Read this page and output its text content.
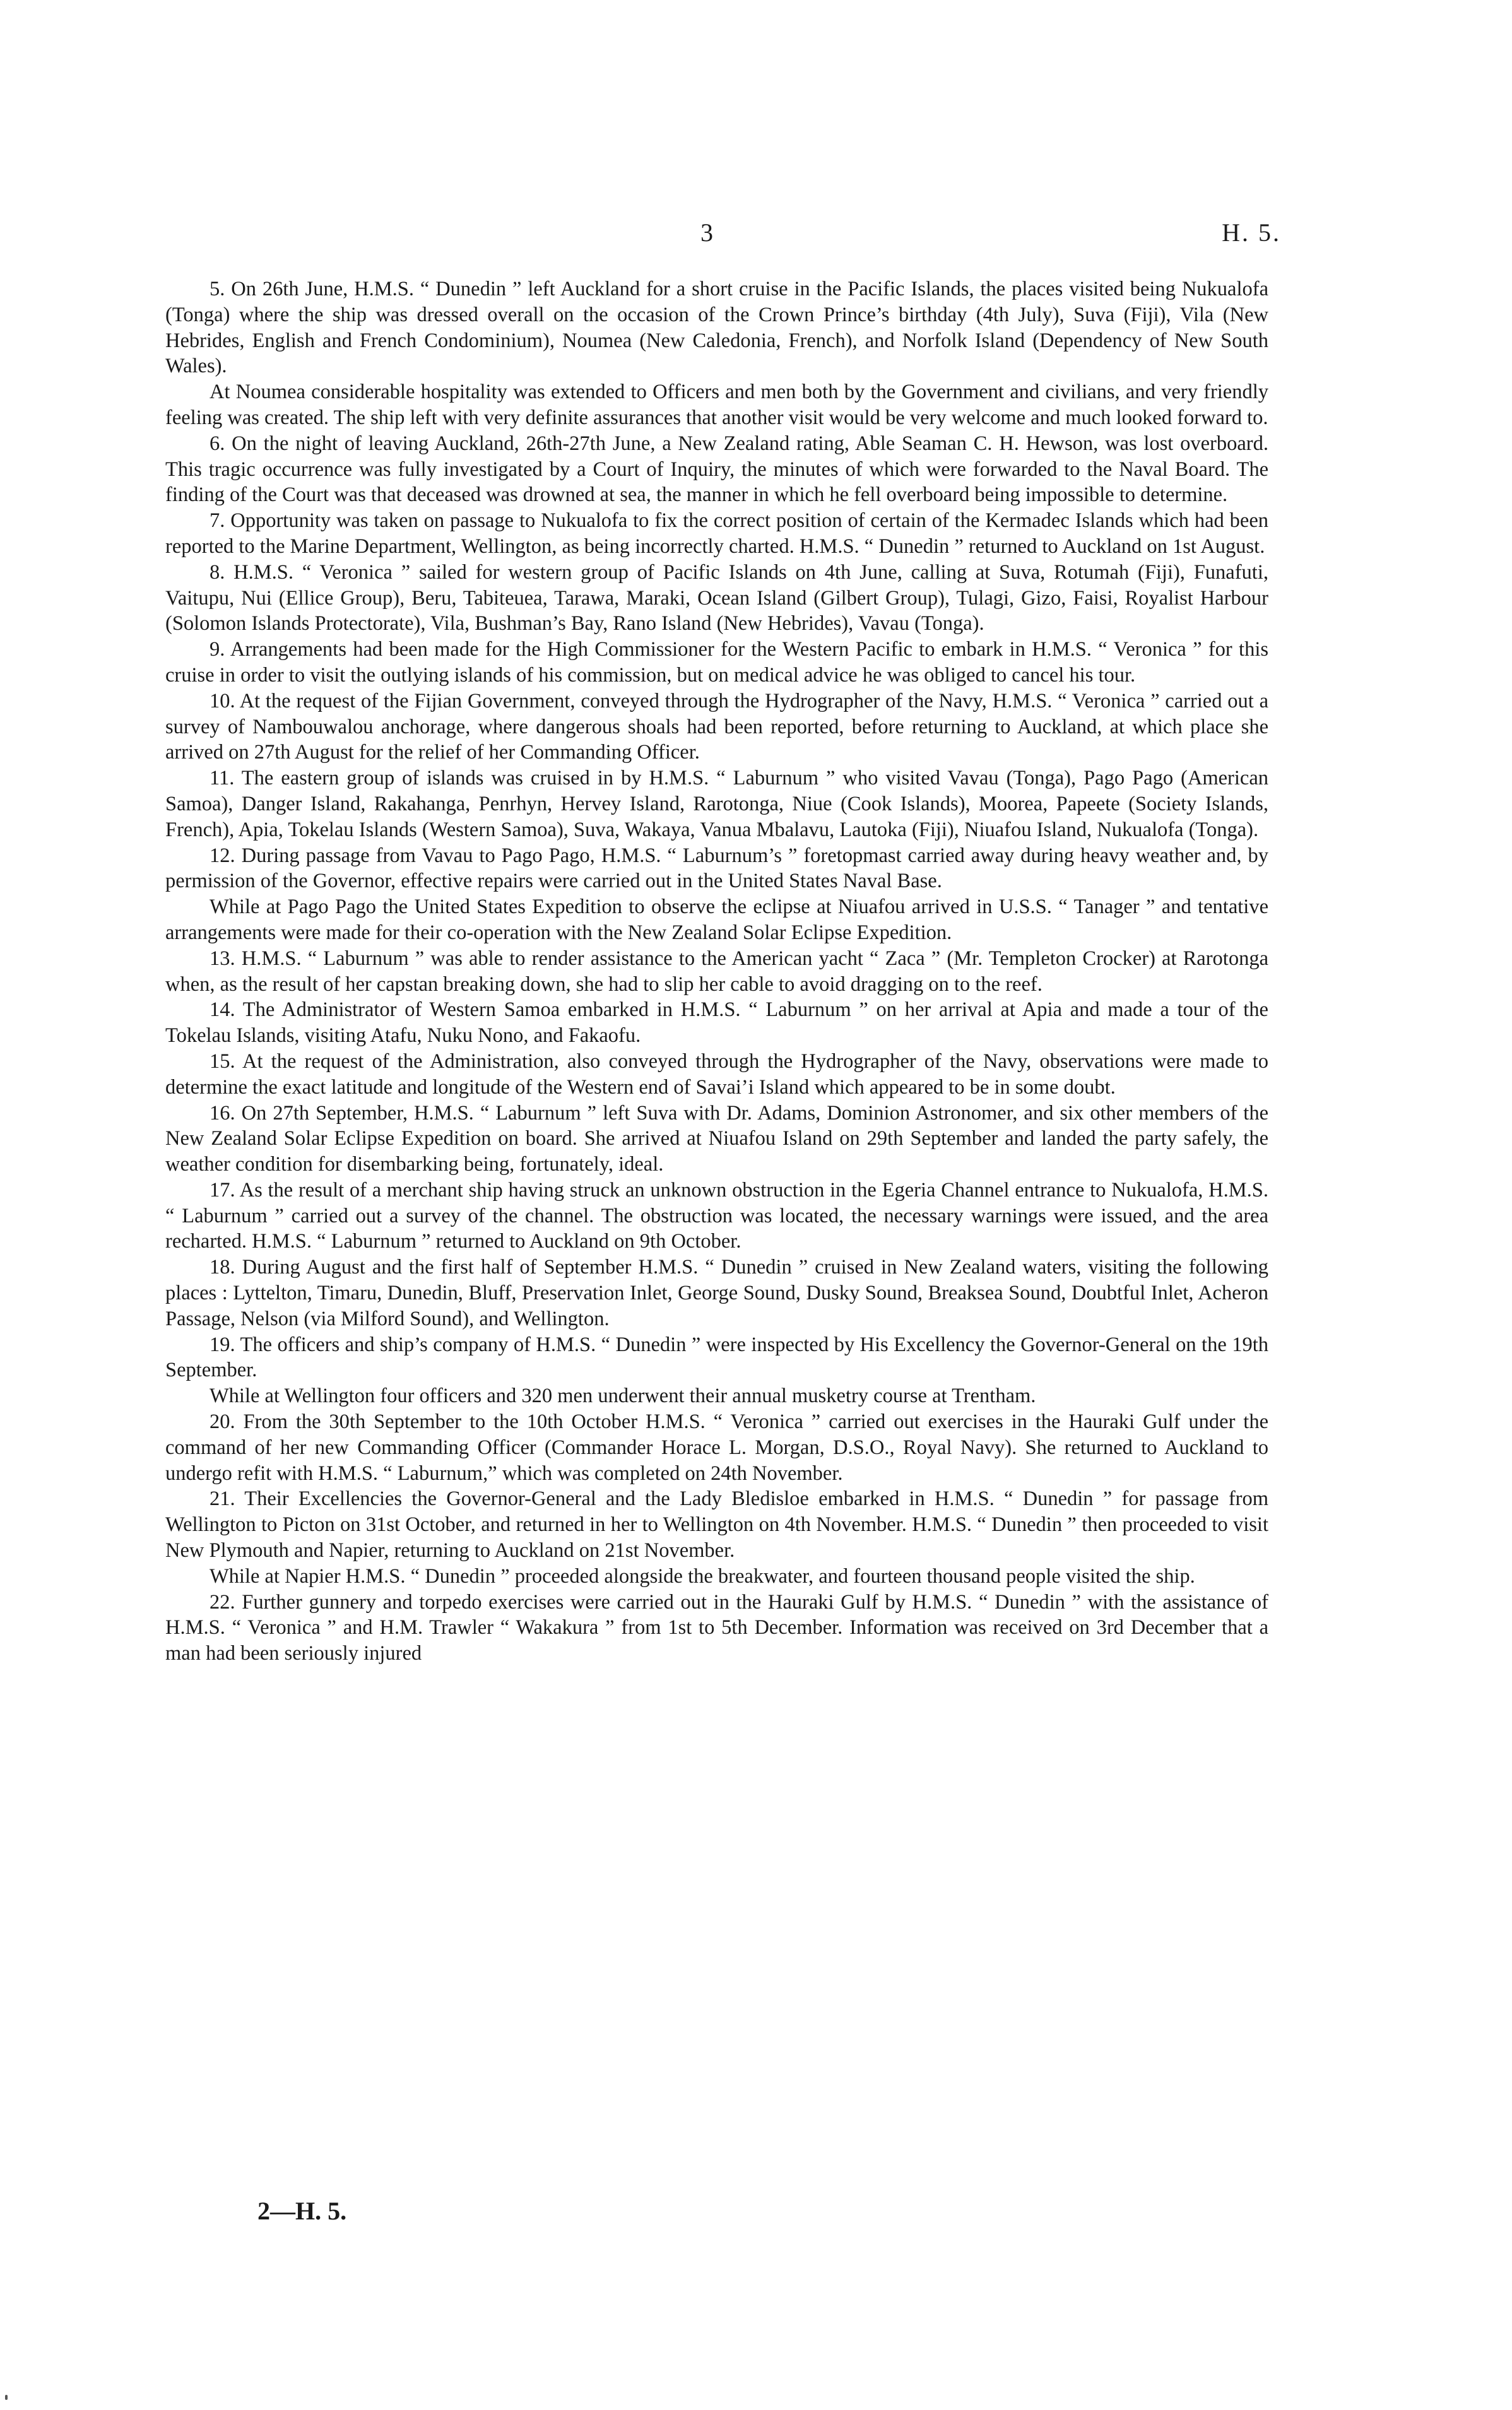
3	H. 5.

5. On 26th June, H.M.S. “ Dunedin ” left Auckland for a short cruise in the Pacific Islands, the places visited being Nukualofa (Tonga) where the ship was dressed overall on the occasion of the Crown Prince’s birthday (4th July), Suva (Fiji), Vila (New Hebrides, English and French Condominium), Noumea (New Caledonia, French), and Norfolk Island (Dependency of New South Wales).

At Noumea considerable hospitality was extended to Officers and men both by the Government and civilians, and very friendly feeling was created. The ship left with very definite assurances that another visit would be very welcome and much looked forward to.

6. On the night of leaving Auckland, 26th-27th June, a New Zealand rating, Able Seaman C. H. Hewson, was lost overboard. This tragic occurrence was fully investigated by a Court of Inquiry, the minutes of which were forwarded to the Naval Board. The finding of the Court was that deceased was drowned at sea, the manner in which he fell overboard being impossible to determine.

7. Opportunity was taken on passage to Nukualofa to fix the correct position of certain of the Kermadec Islands which had been reported to the Marine Department, Wellington, as being incorrectly charted. H.M.S. “ Dunedin ” returned to Auckland on 1st August.

8. H.M.S. “ Veronica ” sailed for western group of Pacific Islands on 4th June, calling at Suva, Rotumah (Fiji), Funafuti, Vaitupu, Nui (Ellice Group), Beru, Tabiteuea, Tarawa, Maraki, Ocean Island (Gilbert Group), Tulagi, Gizo, Faisi, Royalist Harbour (Solomon Islands Protectorate), Vila, Bushman’s Bay, Rano Island (New Hebrides), Vavau (Tonga).

9. Arrangements had been made for the High Commissioner for the Western Pacific to embark in H.M.S. “ Veronica ” for this cruise in order to visit the outlying islands of his commission, but on medical advice he was obliged to cancel his tour.

10. At the request of the Fijian Government, conveyed through the Hydrographer of the Navy, H.M.S. “ Veronica ” carried out a survey of Nambouwalou anchorage, where dangerous shoals had been reported, before returning to Auckland, at which place she arrived on 27th August for the relief of her Commanding Officer.

11. The eastern group of islands was cruised in by H.M.S. “ Laburnum ” who visited Vavau (Tonga), Pago Pago (American Samoa), Danger Island, Rakahanga, Penrhyn, Hervey Island, Rarotonga, Niue (Cook Islands), Moorea, Papeete (Society Islands, French), Apia, Tokelau Islands (Western Samoa), Suva, Wakaya, Vanua Mbalavu, Lautoka (Fiji), Niuafou Island, Nukualofa (Tonga).

12. During passage from Vavau to Pago Pago, H.M.S. “ Laburnum’s ” foretopmast carried away during heavy weather and, by permission of the Governor, effective repairs were carried out in the United States Naval Base.

While at Pago Pago the United States Expedition to observe the eclipse at Niuafou arrived in U.S.S. “ Tanager ” and tentative arrangements were made for their co-operation with the New Zealand Solar Eclipse Expedition.

13. H.M.S. “ Laburnum ” was able to render assistance to the American yacht “ Zaca ” (Mr. Templeton Crocker) at Rarotonga when, as the result of her capstan breaking down, she had to slip her cable to avoid dragging on to the reef.

14. The Administrator of Western Samoa embarked in H.M.S. “ Laburnum ” on her arrival at Apia and made a tour of the Tokelau Islands, visiting Atafu, Nuku Nono, and Fakaofu.

15. At the request of the Administration, also conveyed through the Hydrographer of the Navy, observations were made to determine the exact latitude and longitude of the Western end of Savai’i Island which appeared to be in some doubt.

16. On 27th September, H.M.S. “ Laburnum ” left Suva with Dr. Adams, Dominion Astronomer, and six other members of the New Zealand Solar Eclipse Expedition on board. She arrived at Niuafou Island on 29th September and landed the party safely, the weather condition for disembarking being, fortunately, ideal.

17. As the result of a merchant ship having struck an unknown obstruction in the Egeria Channel entrance to Nukualofa, H.M.S. “ Laburnum ” carried out a survey of the channel. The obstruction was located, the necessary warnings were issued, and the area recharted. H.M.S. “ Laburnum ” returned to Auckland on 9th October.

18. During August and the first half of September H.M.S. “ Dunedin ” cruised in New Zealand waters, visiting the following places : Lyttelton, Timaru, Dunedin, Bluff, Preservation Inlet, George Sound, Dusky Sound, Breaksea Sound, Doubtful Inlet, Acheron Passage, Nelson (via Milford Sound), and Wellington.

19. The officers and ship’s company of H.M.S. “ Dunedin ” were inspected by His Excellency the Governor-General on the 19th September.

While at Wellington four officers and 320 men underwent their annual musketry course at Trentham.

20. From the 30th September to the 10th October H.M.S. “ Veronica ” carried out exercises in the Hauraki Gulf under the command of her new Commanding Officer (Commander Horace L. Morgan, D.S.O., Royal Navy). She returned to Auckland to undergo refit with H.M.S. “ Laburnum,” which was completed on 24th November.

21. Their Excellencies the Governor-General and the Lady Bledisloe embarked in H.M.S. “ Dunedin ” for passage from Wellington to Picton on 31st October, and returned in her to Wellington on 4th November. H.M.S. “ Dunedin ” then proceeded to visit New Plymouth and Napier, returning to Auckland on 21st November.

While at Napier H.M.S. “ Dunedin ” proceeded alongside the breakwater, and fourteen thousand people visited the ship.

22. Further gunnery and torpedo exercises were carried out in the Hauraki Gulf by H.M.S. “ Dunedin ” with the assistance of H.M.S. “ Veronica ” and H.M. Trawler “ Wakakura ” from 1st to 5th December. Information was received on 3rd December that a man had been seriously injured

2—H. 5.
